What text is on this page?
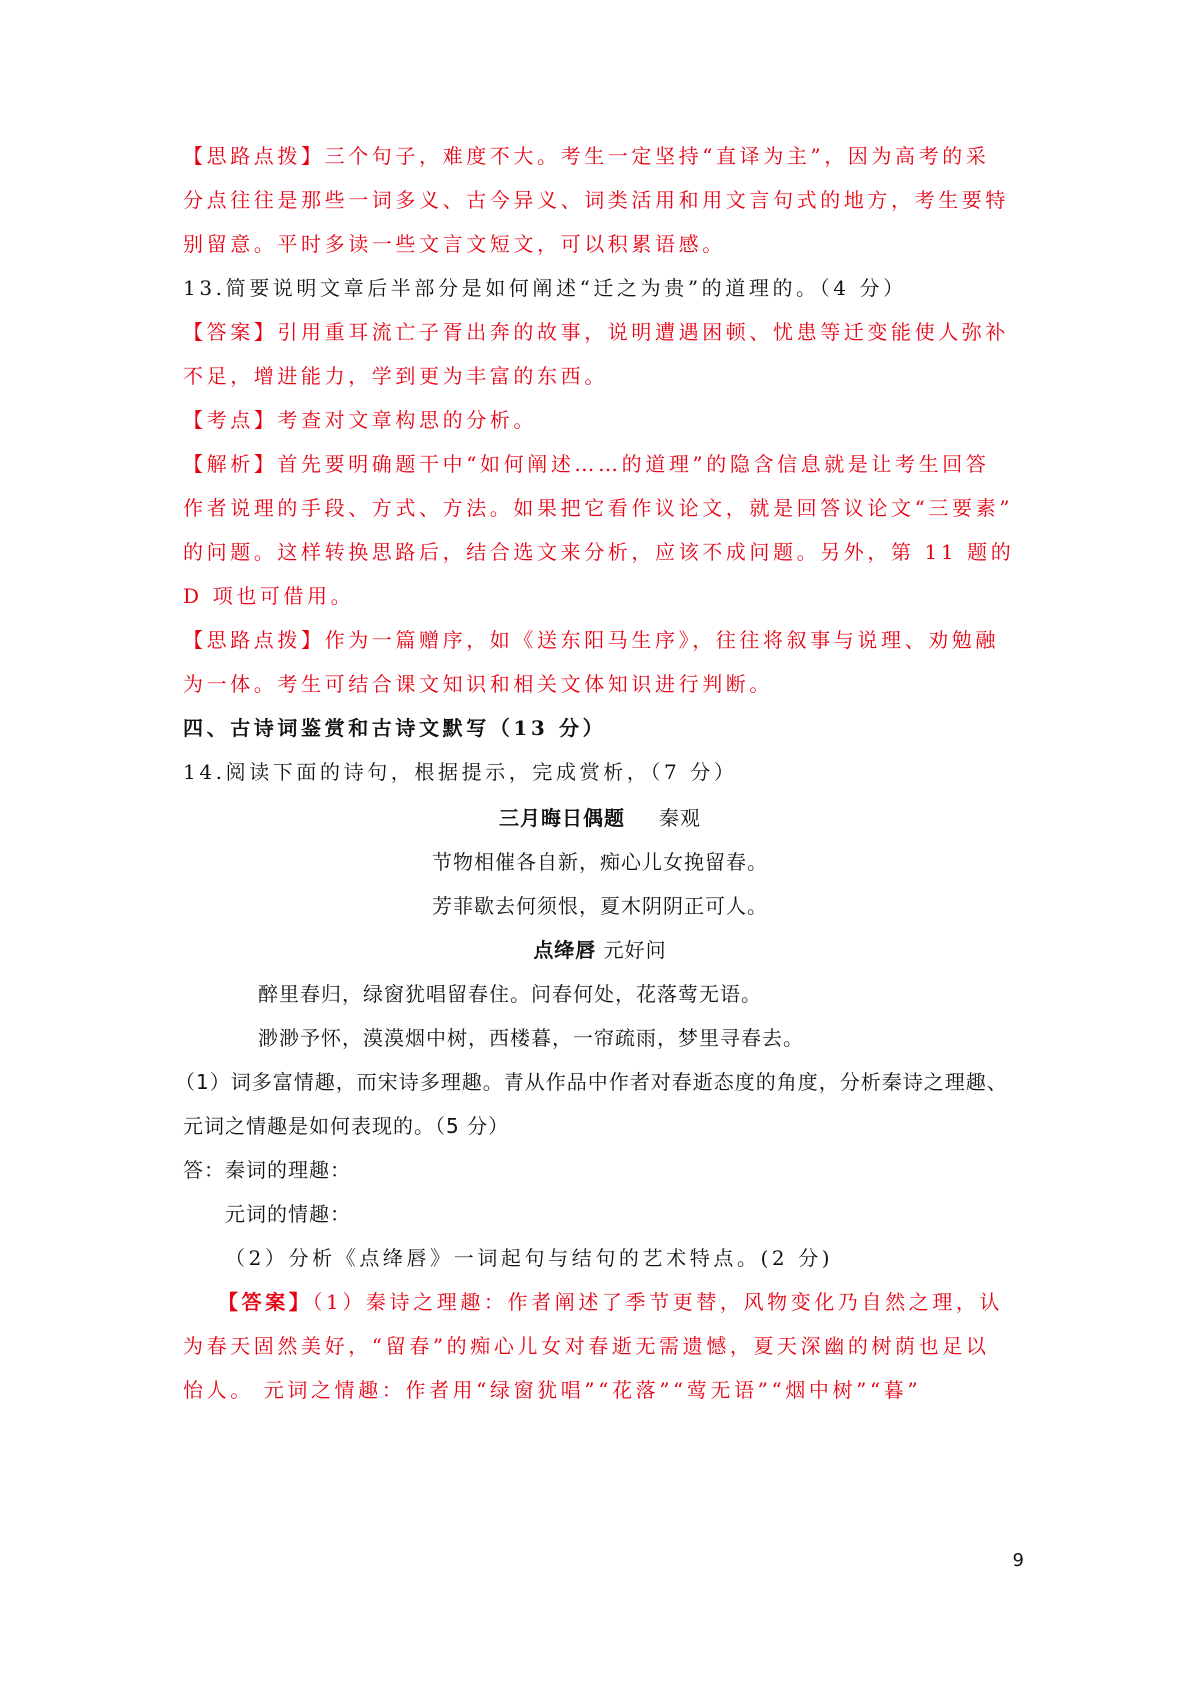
【思路点拨】三个句子，难度不大。考生一定坚持“直译为主”，因为高考的采
分点往往是那些一词多义、古今异义、词类活用和用文言句式的地方，考生要特
别留意。平时多读一些文言文短文，可以积累语感。
13.简要说明文章后半部分是如何阐述“迁之为贵”的道理的。（4 分）
【答案】引用重耳流亡子胥出奔的故事，说明遭遇困顿、忧患等迁变能使人弥补
不足，增进能力，学到更为丰富的东西。
【考点】考查对文章构思的分析。
【解析】首先要明确题干中“如何阐述……的道理”的隐含信息就是让考生回答
作者说理的手段、方式、方法。如果把它看作议论文，就是回答议论文“三要素”
的问题。这样转换思路后，结合选文来分析，应该不成问题。另外，第 11 题的
D 项也可借用。
【思路点拨】作为一篇赠序，如《送东阳马生序》，往往将叙事与说理、劝勉融
为一体。考生可结合课文知识和相关文体知识进行判断。
四、古诗词鉴赏和古诗文默写（13 分）
14.阅读下面的诗句，根据提示，完成赏析，（7 分）
三月晦日偶题 秦观
节物相催各自新，痴心儿女挽留春。
芳菲歇去何须恨，夏木阴阴正可人。
点绛唇 元好问
醉里春归，绿窗犹唱留春住。问春何处，花落莺无语。
渺渺予怀，漠漠烟中树，西楼暮，一帘疏雨，梦里寻春去。
（1）词多富情趣，而宋诗多理趣。青从作品中作者对春逝态度的角度，分析秦诗之理趣、
元词之情趣是如何表现的。（5 分）
答：秦词的理趣：
元词的情趣：
（2）分析《点绛唇》一词起句与结句的艺术特点。(2 分)
【答案】（1）秦诗之理趣：作者阐述了季节更替，风物变化乃自然之理，认
为春天固然美好，“留春”的痴心儿女对春逝无需遗憾，夏天深幽的树荫也足以
怡人。 元词之情趣：作者用“绿窗犹唱”“花落”“莺无语”“烟中树”“暮”
9
